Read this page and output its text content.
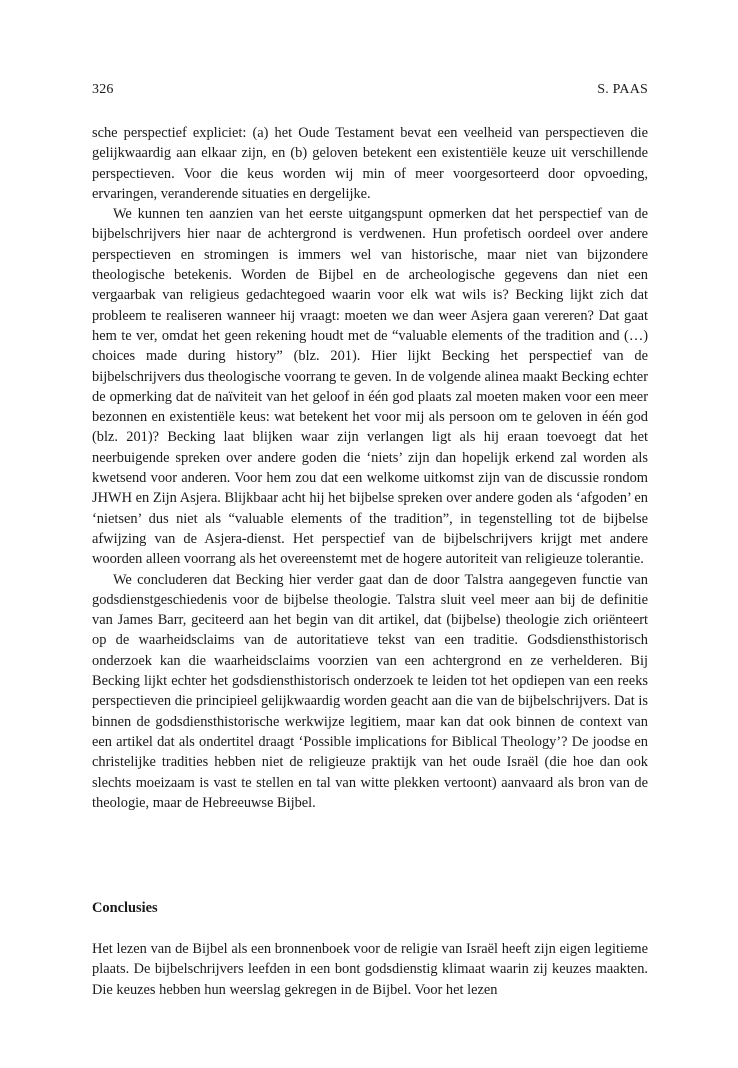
326	S. PAAS

sche perspectief expliciet: (a) het Oude Testament bevat een veelheid van perspectieven die gelijkwaardig aan elkaar zijn, en (b) geloven betekent een existentiële keuze uit verschillende perspectieven. Voor die keus worden wij min of meer voorgesorteerd door opvoeding, ervaringen, veranderende situaties en dergelijke.

We kunnen ten aanzien van het eerste uitgangspunt opmerken dat het perspectief van de bijbelschrijvers hier naar de achtergrond is verdwenen. Hun profetisch oordeel over andere perspectieven en stromingen is immers wel van historische, maar niet van bijzondere theologische betekenis. Worden de Bijbel en de archeologische gegevens dan niet een vergaarbak van religieus gedachtegoed waarin voor elk wat wils is? Becking lijkt zich dat probleem te realiseren wanneer hij vraagt: moeten we dan weer Asjera gaan vereren? Dat gaat hem te ver, omdat het geen rekening houdt met de “valuable elements of the tradition and (…) choices made during history” (blz. 201). Hier lijkt Becking het perspectief van de bijbelschrijvers dus theologische voorrang te geven. In de volgende alinea maakt Becking echter de opmerking dat de naïviteit van het geloof in één god plaats zal moeten maken voor een meer bezonnen en existentiële keus: wat betekent het voor mij als persoon om te geloven in één god (blz. 201)? Becking laat blijken waar zijn verlangen ligt als hij eraan toevoegt dat het neerbuigende spreken over andere goden die ‘niets’ zijn dan hopelijk erkend zal worden als kwetsend voor anderen. Voor hem zou dat een welkome uitkomst zijn van de discussie rondom JHWH en Zijn Asjera. Blijkbaar acht hij het bijbelse spreken over andere goden als ‘afgoden’ en ‘nietsen’ dus niet als “valuable elements of the tradition”, in tegenstelling tot de bijbelse afwijzing van de Asjera-dienst. Het perspectief van de bijbelschrijvers krijgt met andere woorden alleen voorrang als het overeenstemt met de hogere autoriteit van religieuze tolerantie.

We concluderen dat Becking hier verder gaat dan de door Talstra aangegeven functie van godsdienstgeschiedenis voor de bijbelse theologie. Talstra sluit veel meer aan bij de definitie van James Barr, geciteerd aan het begin van dit artikel, dat (bijbelse) theologie zich oriënteert op de waarheidsclaims van de autoritatieve tekst van een traditie. Godsdiensthistorisch onderzoek kan die waarheidsclaims voorzien van een achtergrond en ze verhelderen. Bij Becking lijkt echter het godsdiensthistorisch onderzoek te leiden tot het opdiepen van een reeks perspectieven die principieel gelijkwaardig worden geacht aan die van de bijbelschrijvers. Dat is binnen de godsdiensthistorische werkwijze legitiem, maar kan dat ook binnen de context van een artikel dat als ondertitel draagt ‘Possible implications for Biblical Theology’? De joodse en christelijke tradities hebben niet de religieuze praktijk van het oude Israël (die hoe dan ook slechts moeizaam is vast te stellen en tal van witte plekken vertoont) aanvaard als bron van de theologie, maar de Hebreeuwse Bijbel.

Conclusies

Het lezen van de Bijbel als een bronnenboek voor de religie van Israël heeft zijn eigen legitieme plaats. De bijbelschrijvers leefden in een bont godsdienstig klimaat waarin zij keuzes maakten. Die keuzes hebben hun weerslag gekregen in de Bijbel. Voor het lezen
